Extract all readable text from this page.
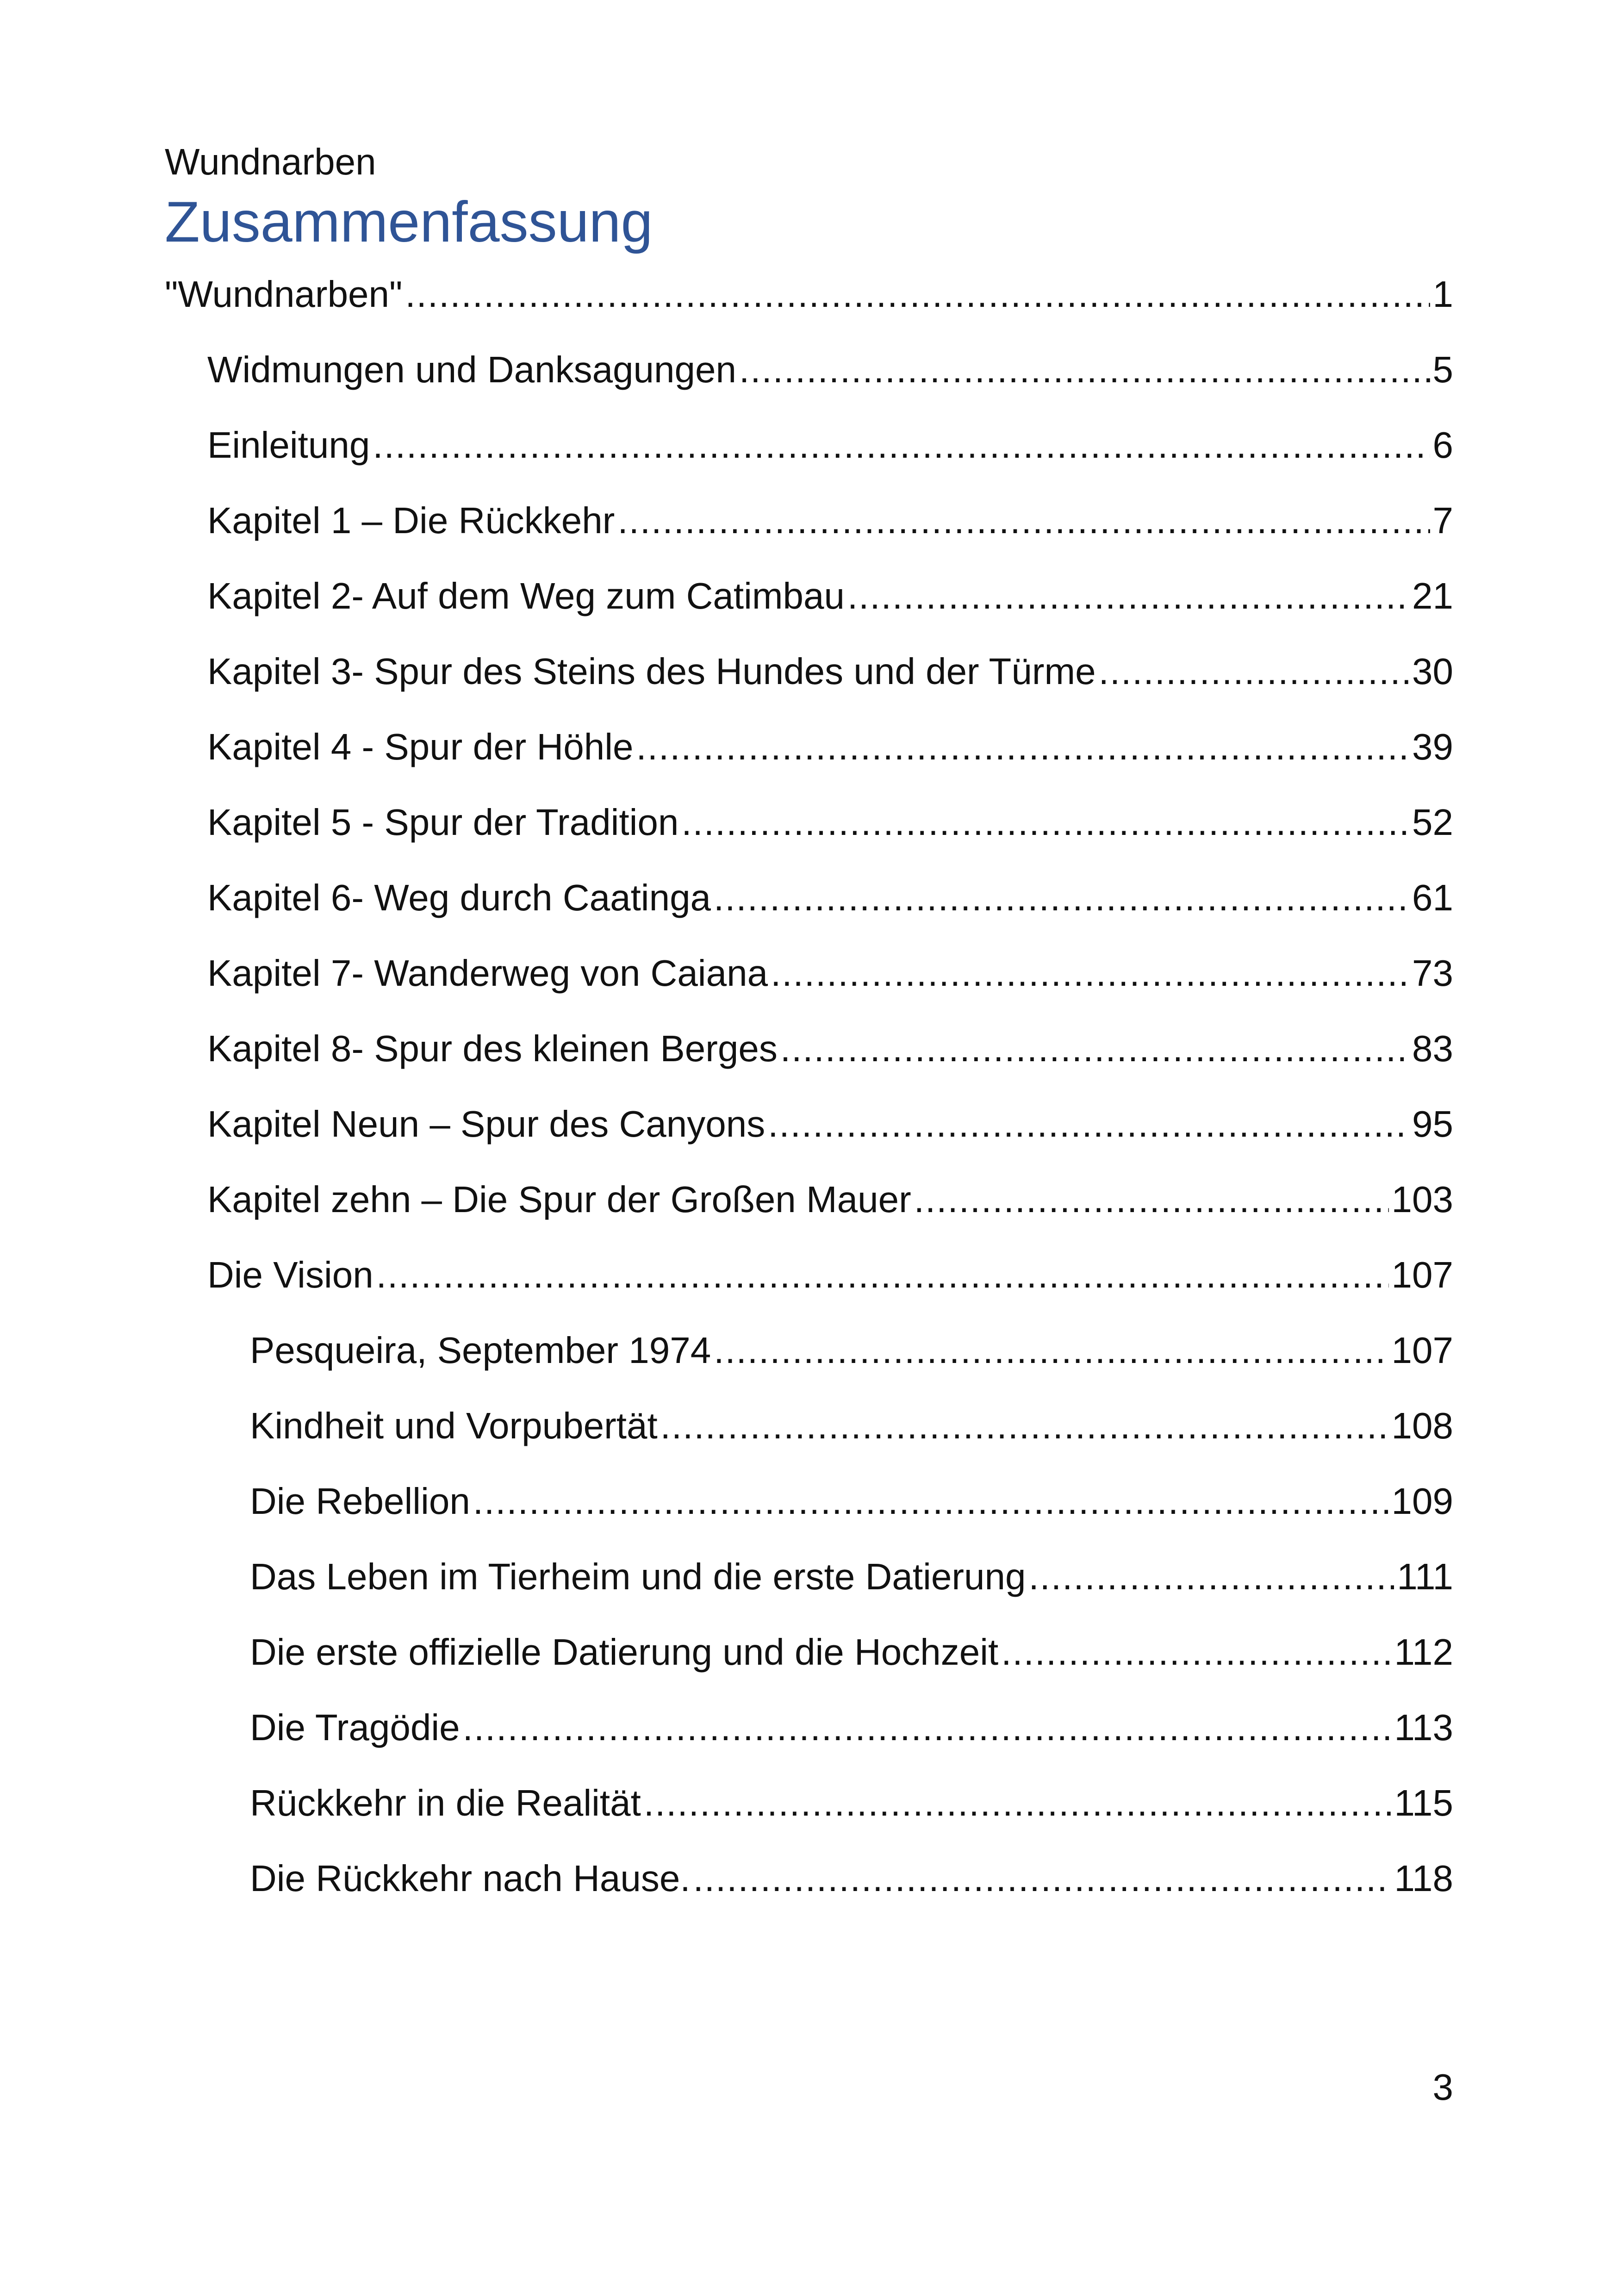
Wundnarben
Zusammenfassung
"Wundnarben" .....	1
Widmungen und Danksagungen .....	5
Einleitung .....	6
Kapitel 1 – Die Rückkehr .....	7
Kapitel 2- Auf dem Weg zum Catimbau .....	21
Kapitel 3- Spur des Steins des Hundes und der Türme .....	30
Kapitel 4 - Spur der Höhle .....	39
Kapitel 5 - Spur der Tradition .....	52
Kapitel 6- Weg durch Caatinga .....	61
Kapitel 7- Wanderweg von Caiana .....	73
Kapitel 8- Spur des kleinen Berges .....	83
Kapitel Neun – Spur des Canyons .....	95
Kapitel zehn – Die Spur der Großen Mauer .....	103
Die Vision .....	107
Pesqueira, September 1974 .....	107
Kindheit und Vorpubertät .....	108
Die Rebellion .....	109
Das Leben im Tierheim und die erste Datierung .....	111
Die erste offizielle Datierung und die Hochzeit .....	112
Die Tragödie .....	113
Rückkehr in die Realität .....	115
Die Rückkehr nach Hause. .....	118
3
